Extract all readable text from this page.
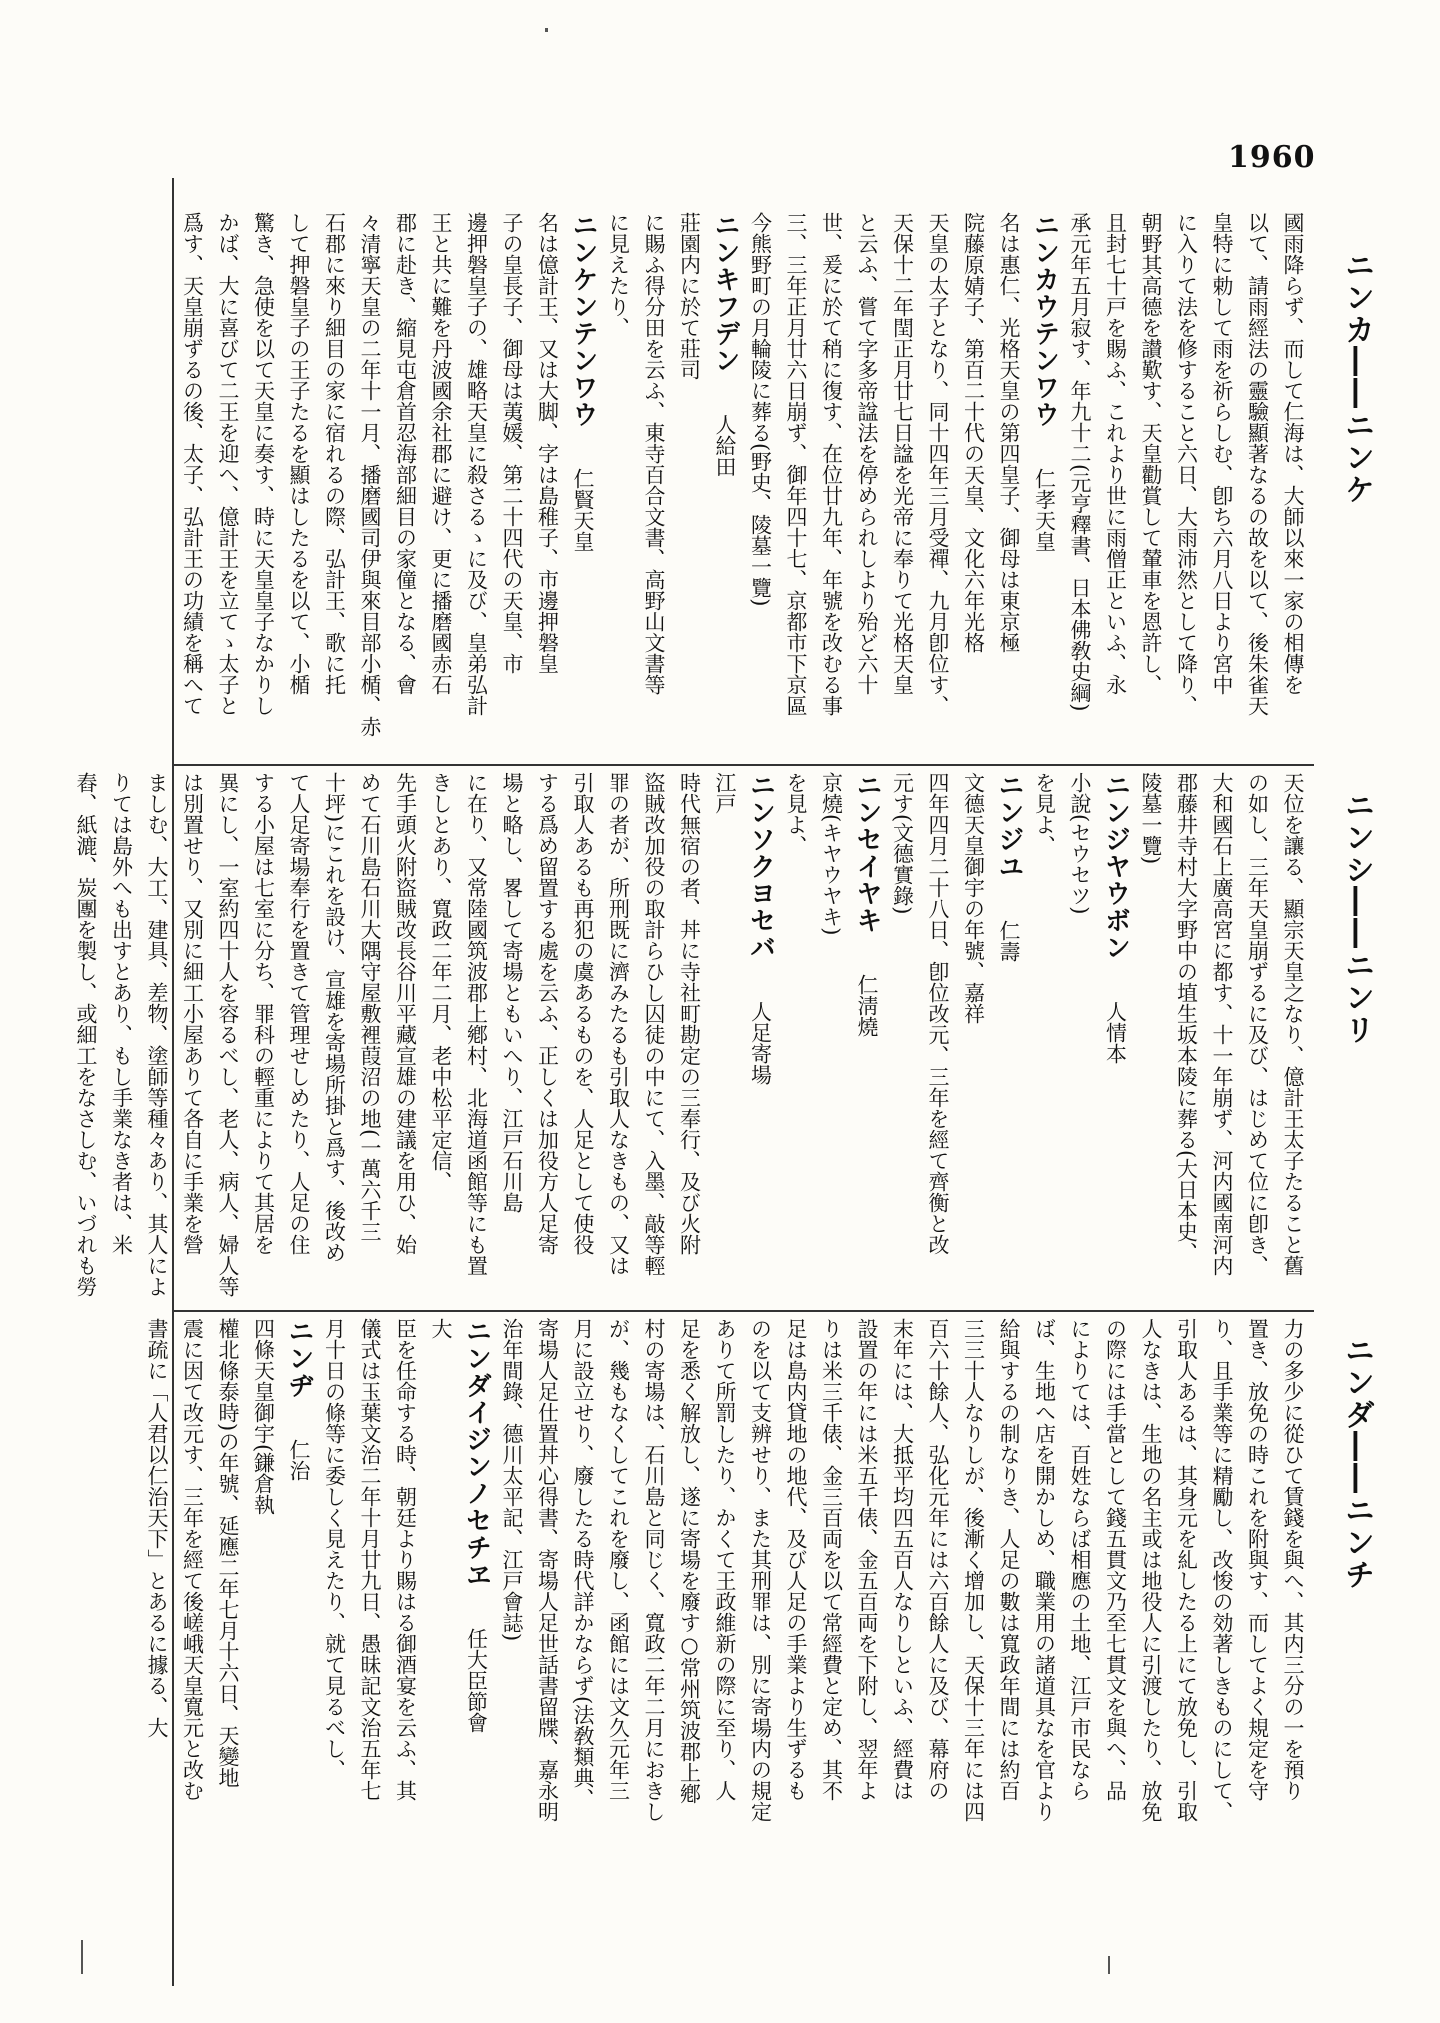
1960
ニンカ――ニンケ
ニンシ――ニンリ
ニンダ――ニンチ

國雨降らず、而して仁海は、大師以來一家の相傳を

以て、請雨經法の靈驗顯著なるの故を以て、後朱雀天

皇特に勅して雨を祈らしむ、卽ち六月八日より宮中

に入りて法を修すること六日、大雨沛然として降り、

朝野其高德を讃歎す、天皇勸賞して輦車を恩許し、

且封七十戸を賜ふ、これより世に雨僧正といふ、永

承元年五月寂す、年九十二(元亨釋書、日本佛敎史綱)

ニンカウテンワウ仁孝天皇

名は惠仁、光格天皇の第四皇子、御母は東京極

院藤原婧子、第百二十代の天皇、文化六年光格

天皇の太子となり、同十四年三月受禪、九月卽位す、

天保十二年閏正月廿七日諡を光帝に奉りて光格天皇

と云ふ、嘗て字多帝諡法を停められしより殆ど六十

世、爰に於て稍に復す、在位廿九年、年號を改むる事

三、三年正月廿六日崩ず、御年四十七、京都市下京區

今熊野町の月輪陵に葬る(野史、陵墓一覽)

ニンキフデン人給田

莊園内に於て莊司

に賜ふ得分田を云ふ、東寺百合文書、高野山文書等

に見えたり、

ニンケンテンワウ仁賢天皇

名は億計王、又は大脚、字は島稚子、市邊押磐皇

子の皇長子、御母は荑媛、第二十四代の天皇、市

邊押磐皇子の、雄略天皇に殺さるゝに及び、皇弟弘計

王と共に難を丹波國余社郡に避け、更に播磨國赤石

郡に赴き、縮見屯倉首忍海部細目の家僮となる、會

々清寧天皇の二年十一月、播磨國司伊與來目部小楯、赤

石郡に來り細目の家に宿れるの際、弘計王、歌に托

して押磐皇子の王子たるを顯はしたるを以て、小楯

驚き、急使を以て天皇に奏す、時に天皇皇子なかりし

かば、大に喜びて二王を迎へ、億計王を立てゝ太子と

爲す、天皇崩ずるの後、太子、弘計王の功績を稱へて

天位を讓る、顯宗天皇之なり、億計王太子たること舊

の如し、三年天皇崩ずるに及び、はじめて位に卽き、

大和國石上廣高宮に都す、十一年崩ず、河内國南河内

郡藤井寺村大字野中の埴生坂本陵に葬る(大日本史、

陵墓一覽)

ニンジヤウボン人情本

小說(セウセツ)

を見よ、

ニンジユ仁壽

文德天皇御宇の年號、嘉祥

四年四月二十八日、卽位改元、三年を經て齊衡と改

元す(文德實錄)

ニンセイヤキ仁淸燒

京燒(キヤウヤキ)

を見よ、

ニンソクヨセバ人足寄場

江戸

時代無宿の者、丼に寺社町勘定の三奉行、及び火附

盜賊改加役の取計らひし囚徒の中にて、入墨、敲等輕

罪の者が、所刑既に濟みたるも引取人なきもの、又は

引取人あるも再犯の虞あるものを、人足として使役

する爲め留置する處を云ふ、正しくは加役方人足寄

場と略し、畧して寄場ともいへり、江戸石川島

に在り、又常陸國筑波郡上鄕村、北海道函館等にも置

きしとあり、寬政二年二月、老中松平定信、

先手頭火附盜賊改長谷川平藏宣雄の建議を用ひ、始

めて石川島石川大隅守屋敷裡葭沼の地(一萬六千三

十坪)にこれを設け、宣雄を寄場所掛と爲す、後改め

て人足寄場奉行を置きて管理せしめたり、人足の住

する小屋は七室に分ち、罪科の輕重によりて其居を

異にし、一室約四十人を容るべし、老人、病人、婦人等

は別置せり、又別に細工小屋ありて各自に手業を營

ましむ、大工、建具、差物、塗師等種々あり、其人によ

りては島外へも出すとあり、もし手業なき者は、米

舂、紙漉、炭團を製し、或細工をなさしむ、いづれも勞

力の多少に從ひて賃錢を與へ、其内三分の一を預り

置き、放免の時これを附與す、而してよく規定を守

り、且手業等に精勵し、改悛の効著しきものにして、

引取人あるは、其身元を糺したる上にて放免し、引取

人なきは、生地の名主或は地役人に引渡したり、放免

の際には手當として錢五貫文乃至七貫文を與へ、品

によりては、百姓ならば相應の土地、江戸市民なら

ば、生地へ店を開かしめ、職業用の諸道具なを官より

給與するの制なりき、人足の數は寬政年間には約百

三三十人なりしが、後漸く增加し、天保十三年には四

百六十餘人、弘化元年には六百餘人に及び、幕府の

末年には、大抵平均四五百人なりしといふ、經費は

設置の年には米五千俵、金五百両を下附し、翌年よ

りは米三千俵、金三百両を以て常經費と定め、其不

足は島内貸地の地代、及び人足の手業より生ずるも

のを以て支辨せり、また其刑罪は、別に寄場内の規定

ありて所罰したり、かくて王政維新の際に至り、人

足を悉く解放し、遂に寄場を廢す○常州筑波郡上鄕

村の寄場は、石川島と同じく、寬政二年二月におきし

が、幾もなくしてこれを廢し、函館には文久元年三

月に設立せり、廢したる時代詳かならず(法敎類典、

寄場人足仕置丼心得書、寄場人足世話書留牒、嘉永明

治年間錄、德川太平記、江戸會誌)

ニンダイジンノセチヱ任大臣節會

大

臣を任命する時、朝廷より賜はる御酒宴を云ふ、其

儀式は玉葉文治二年十月廿九日、愚昧記文治五年七

月十日の條等に委しく見えたり、就て見るべし、

ニンヂ仁治

四條天皇御宇(鎌倉執

權北條泰時)の年號、延應二年七月十六日、天變地

震に因て改元す、三年を經て後嵯峨天皇寬元と改む

書疏に「人君以仁治天下」とあるに據る、大
